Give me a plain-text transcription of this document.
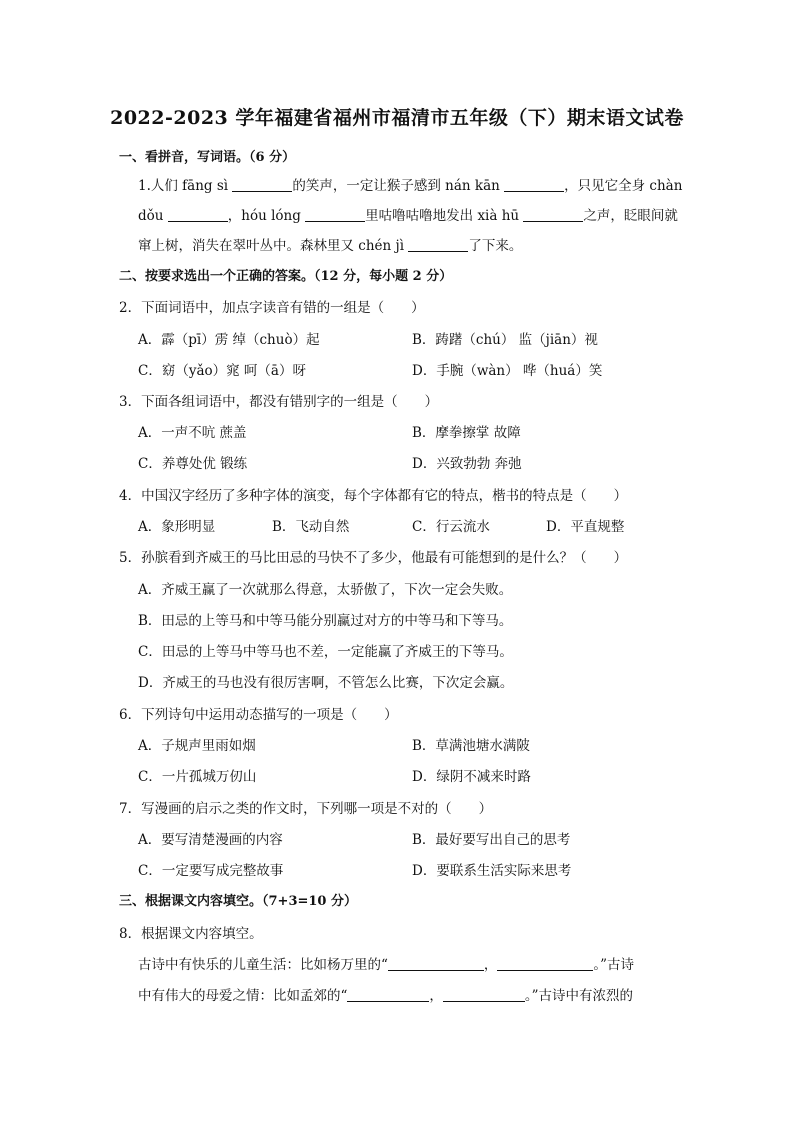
2022-2023 学年福建省福州市福清市五年级（下）期末语文试卷
一、看拼音，写词语。（6 分）
1.人们 fāng sì	的笑声，一定让猴子感到 nán kān	，只见它全身 chàn
dǒu	，hóu lóng	里咕噜咕噜地发出 xià hū	之声，眨眼间就
窜上树，消失在翠叶丛中。森林里又 chén jì	了下来。
二、按要求选出一个正确的答案。（12 分，每小题 2 分）
2．下面词语中，加点字读音有错的一组是（　　）
A．霹（pī）雳 绰（chuò）起	B．踌躇（chú） 监（jiān）视
C．窈（yǎo）窕 呵（ā）呀	D．手腕（wàn） 哗（huá）笑
3．下面各组词语中，都没有错别字的一组是（　　）
A．一声不吭 蔗盖	B．摩拳擦掌 故障
C．养尊处优 锻练	D．兴致勃勃 奔弛
4．中国汉字经历了多种字体的演变，每个字体都有它的特点，楷书的特点是（　　）
A．象形明显	B．飞动自然	C．行云流水	D．平直规整
5．孙膑看到齐威王的马比田忌的马快不了多少，他最有可能想到的是什么？（　　）
A．齐威王赢了一次就那么得意，太骄傲了，下次一定会失败。
B．田忌的上等马和中等马能分别赢过对方的中等马和下等马。
C．田忌的上等马中等马也不差，一定能赢了齐威王的下等马。
D．齐威王的马也没有很厉害啊，不管怎么比赛，下次定会赢。
6．下列诗句中运用动态描写的一项是（　　）
A．子规声里雨如烟	B．草满池塘水满陂
C．一片孤城万仞山	D．绿阴不减来时路
7．写漫画的启示之类的作文时，下列哪一项是不对的（　　）
A．要写清楚漫画的内容	B．最好要写出自己的思考
C．一定要写成完整故事	D．要联系生活实际来思考
三、根据课文内容填空。（7+3=10 分）
8．根据课文内容填空。
古诗中有快乐的儿童生活：比如杨万里的“	，	。”古诗
中有伟大的母爱之情：比如孟郊的“	，	。”古诗中有浓烈的
